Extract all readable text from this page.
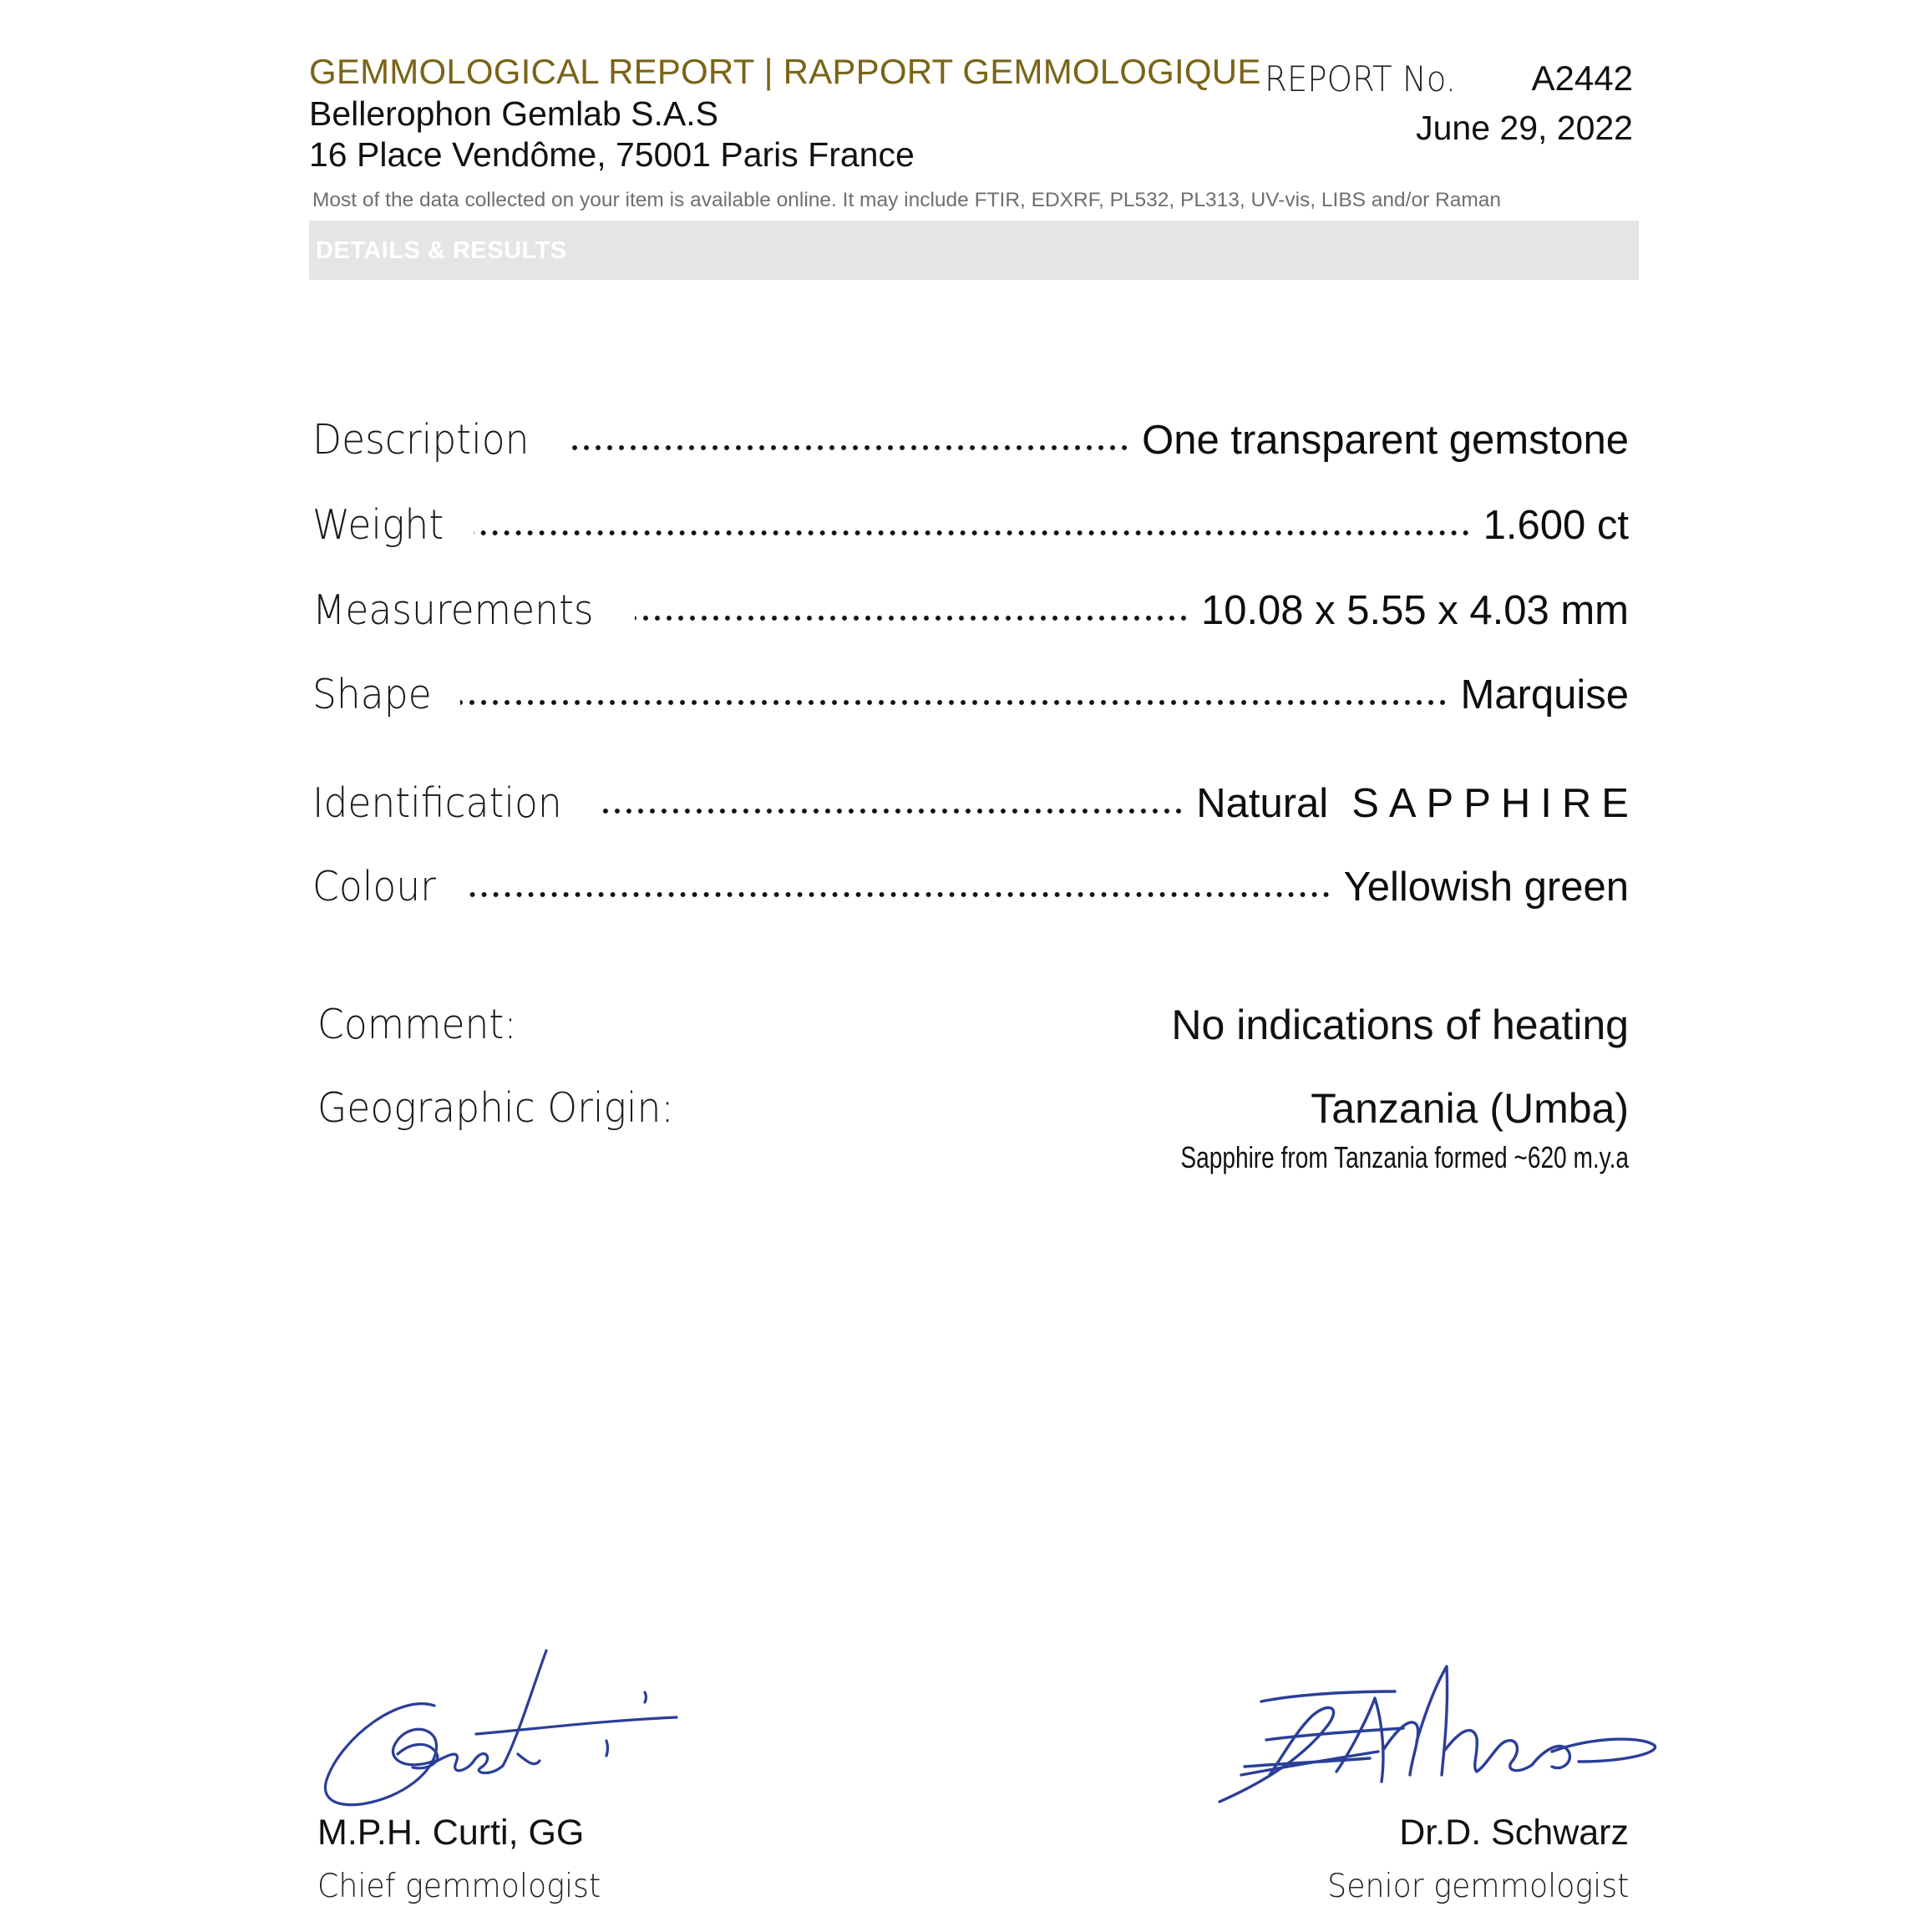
GEMMOLOGICAL REPORT | RAPPORT GEMMOLOGIQUE
Bellerophon Gemlab S.A.S
16 Place Vendôme, 75001 Paris France
REPORT No. A2442
June 29, 2022
Most of the data collected on your item is available online. It may include FTIR, EDXRF, PL532, PL313, UV-vis, LIBS and/or Raman
DETAILS & RESULTS
Description	One transparent gemstone
Weight	1.600 ct
Measurements	10.08 x 5.55 x 4.03 mm
Shape	Marquise
Identification	Natural SAPPHIRE
Colour	Yellowish green
Comment:	No indications of heating
Geographic Origin:	Tanzania (Umba)
Sapphire from Tanzania formed ~620 m.y.a
M.P.H. Curti, GG
Chief gemmologist
Dr.D. Schwarz
Senior gemmologist
